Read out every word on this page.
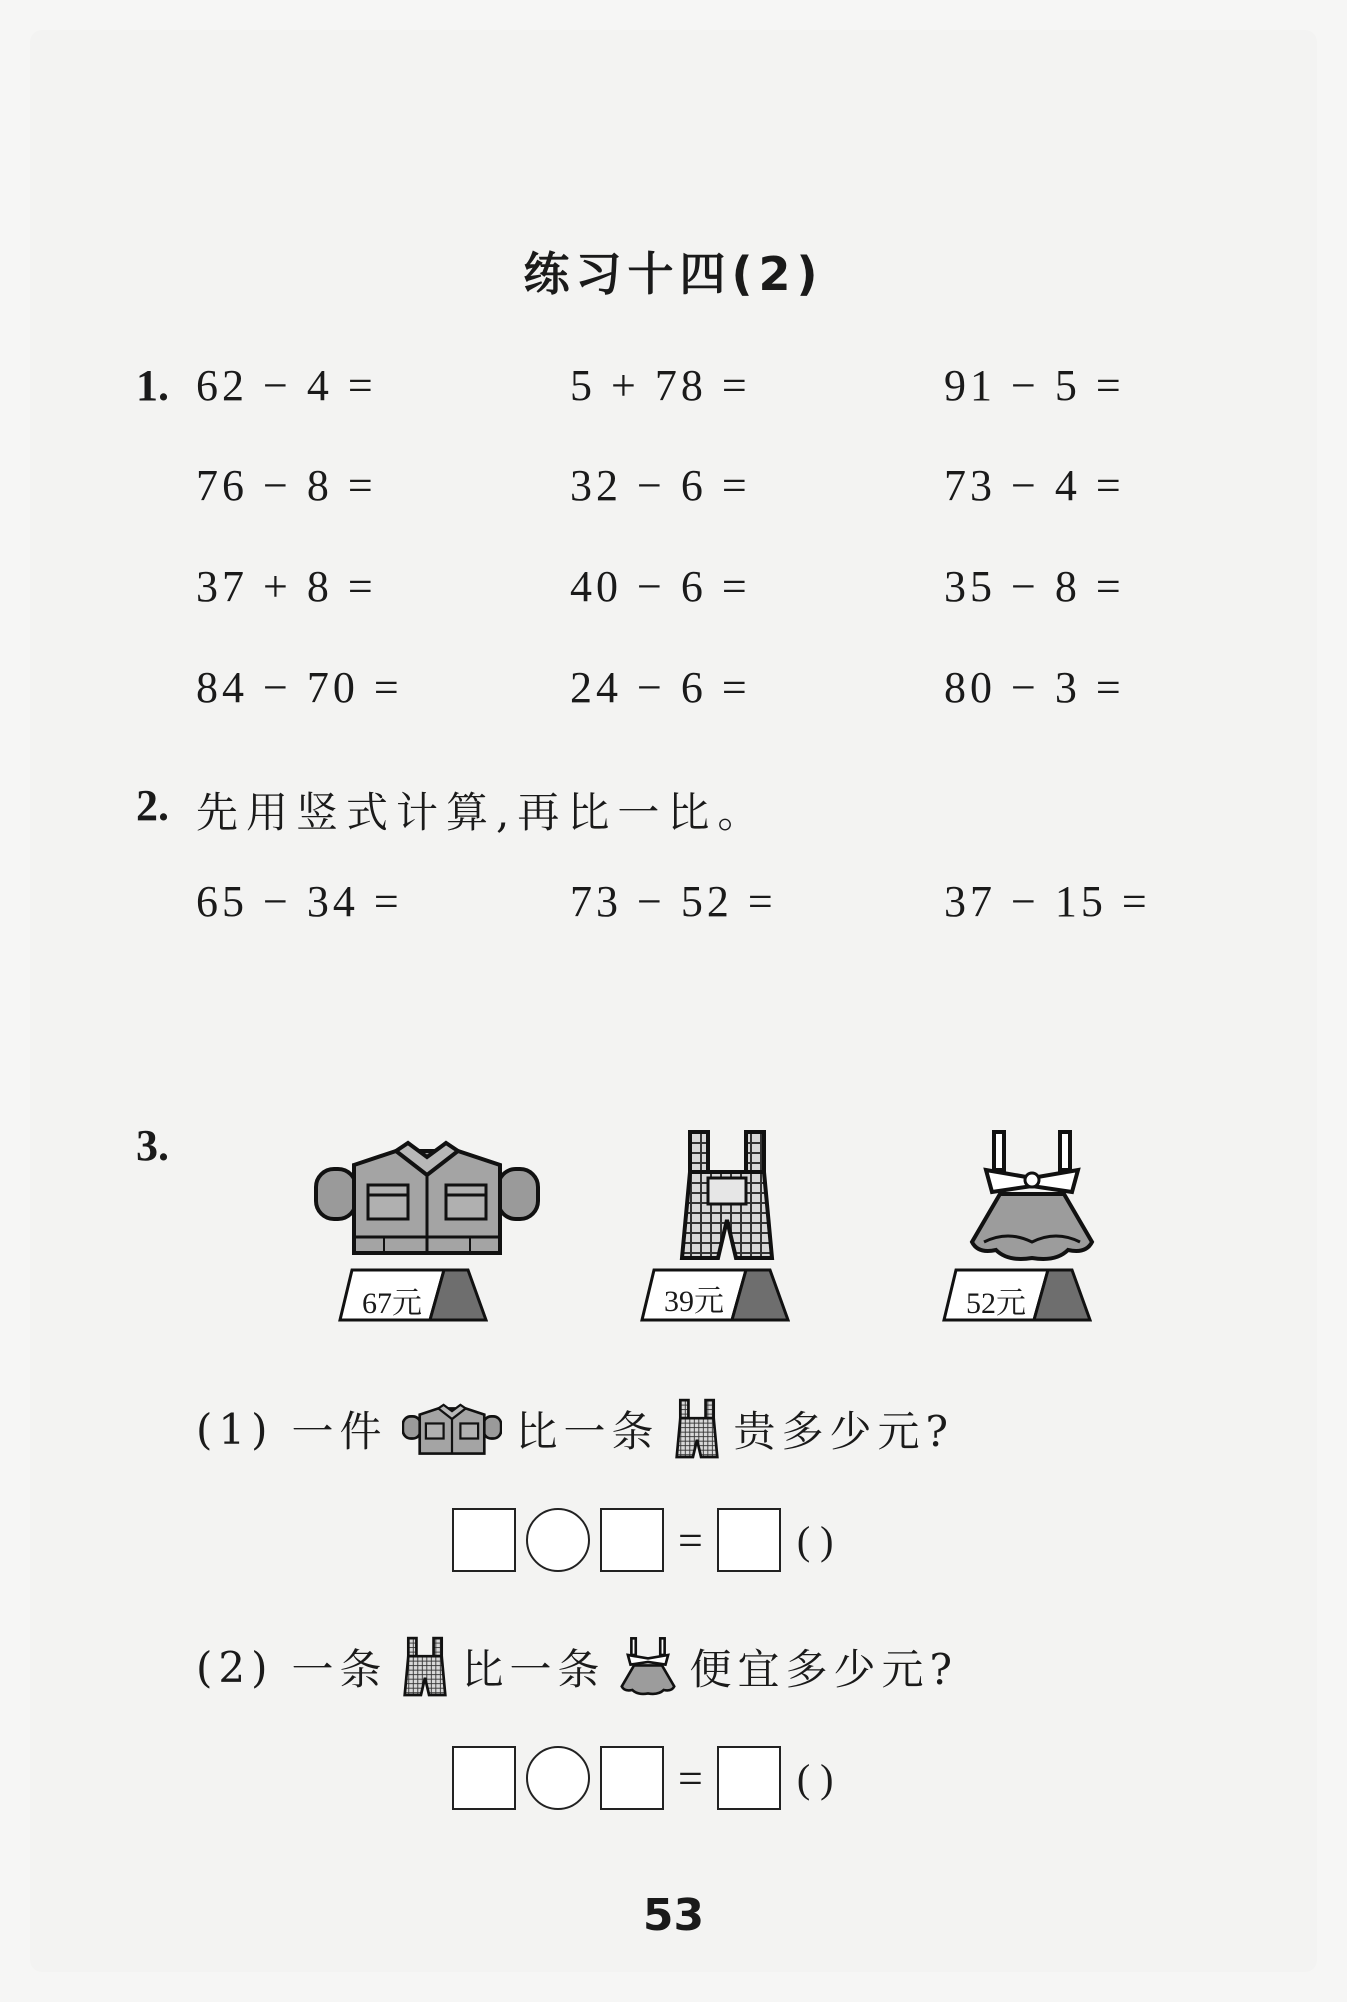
练习十四(2)
1. 62 − 4 =	5 + 78 =	91 − 5 =
76 − 8 =	32 − 6 =	73 − 4 =
37 + 8 =	40 − 6 =	35 − 8 =
84 − 70 =	24 − 6 =	80 − 3 =
2. 先用竖式计算,再比一比。
65 − 34 =	73 − 52 =	37 − 15 =
3.
67元	39元	52元
(1) 一件	比一条 贵多少元?
= ( )
(2) 一条 比一条 便宜多少元?
= ( )
53
